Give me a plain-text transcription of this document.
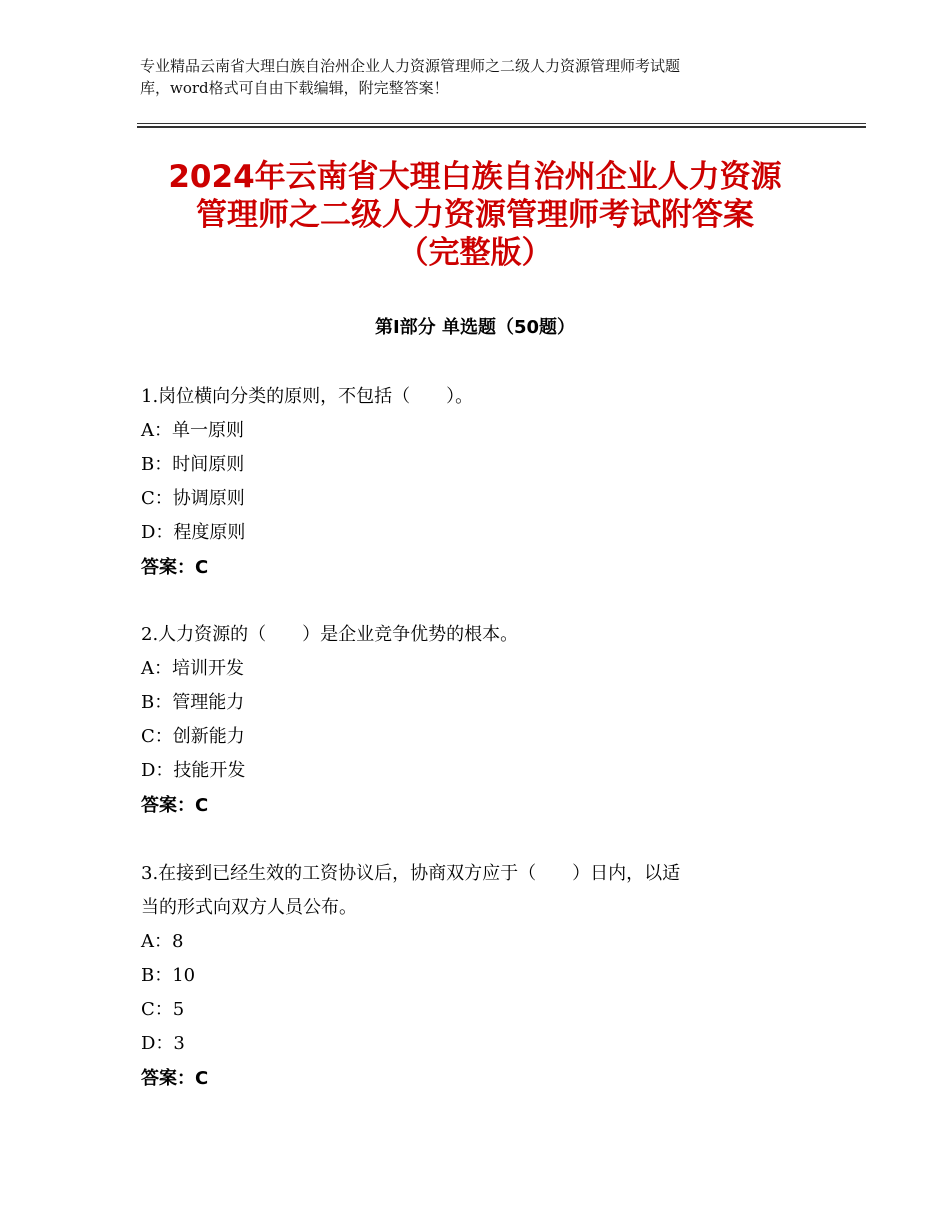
专业精品云南省大理白族自治州企业人力资源管理师之二级人力资源管理师考试题
库，word格式可自由下载编辑，附完整答案！
2024年云南省大理白族自治州企业人力资源
管理师之二级人力资源管理师考试附答案
（完整版）
第Ⅰ部分 单选题（50题）
1.岗位横向分类的原则，不包括（　　）。
A：单一原则
B：时间原则
C：协调原则
D：程度原则
答案：C
2.人力资源的（　　）是企业竞争优势的根本。
A：培训开发
B：管理能力
C：创新能力
D：技能开发
答案：C
3.在接到已经生效的工资协议后，协商双方应于（　　）日内，以适
当的形式向双方人员公布。
A：8
B：10
C：5
D：3
答案：C
